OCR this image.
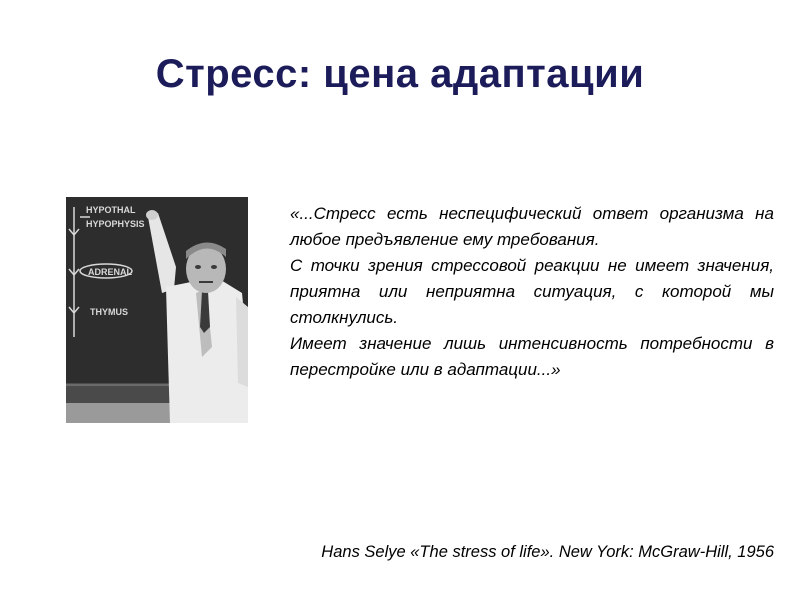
Стресс: цена адаптации
HYPOTHAL
HYPOPHYSIS
ADRENAL
THYMUS

«...Стресс есть неспецифический ответ организма на любое предъявление ему требования.

С точки зрения стрессовой реакции не имеет значения, приятна или неприятна ситуация, с которой мы столкнулись.

Имеет значение лишь интенсивность потребности в перестройке или в адаптации...»

Hans Selye «The stress of life». New York: McGraw-Hill, 1956
